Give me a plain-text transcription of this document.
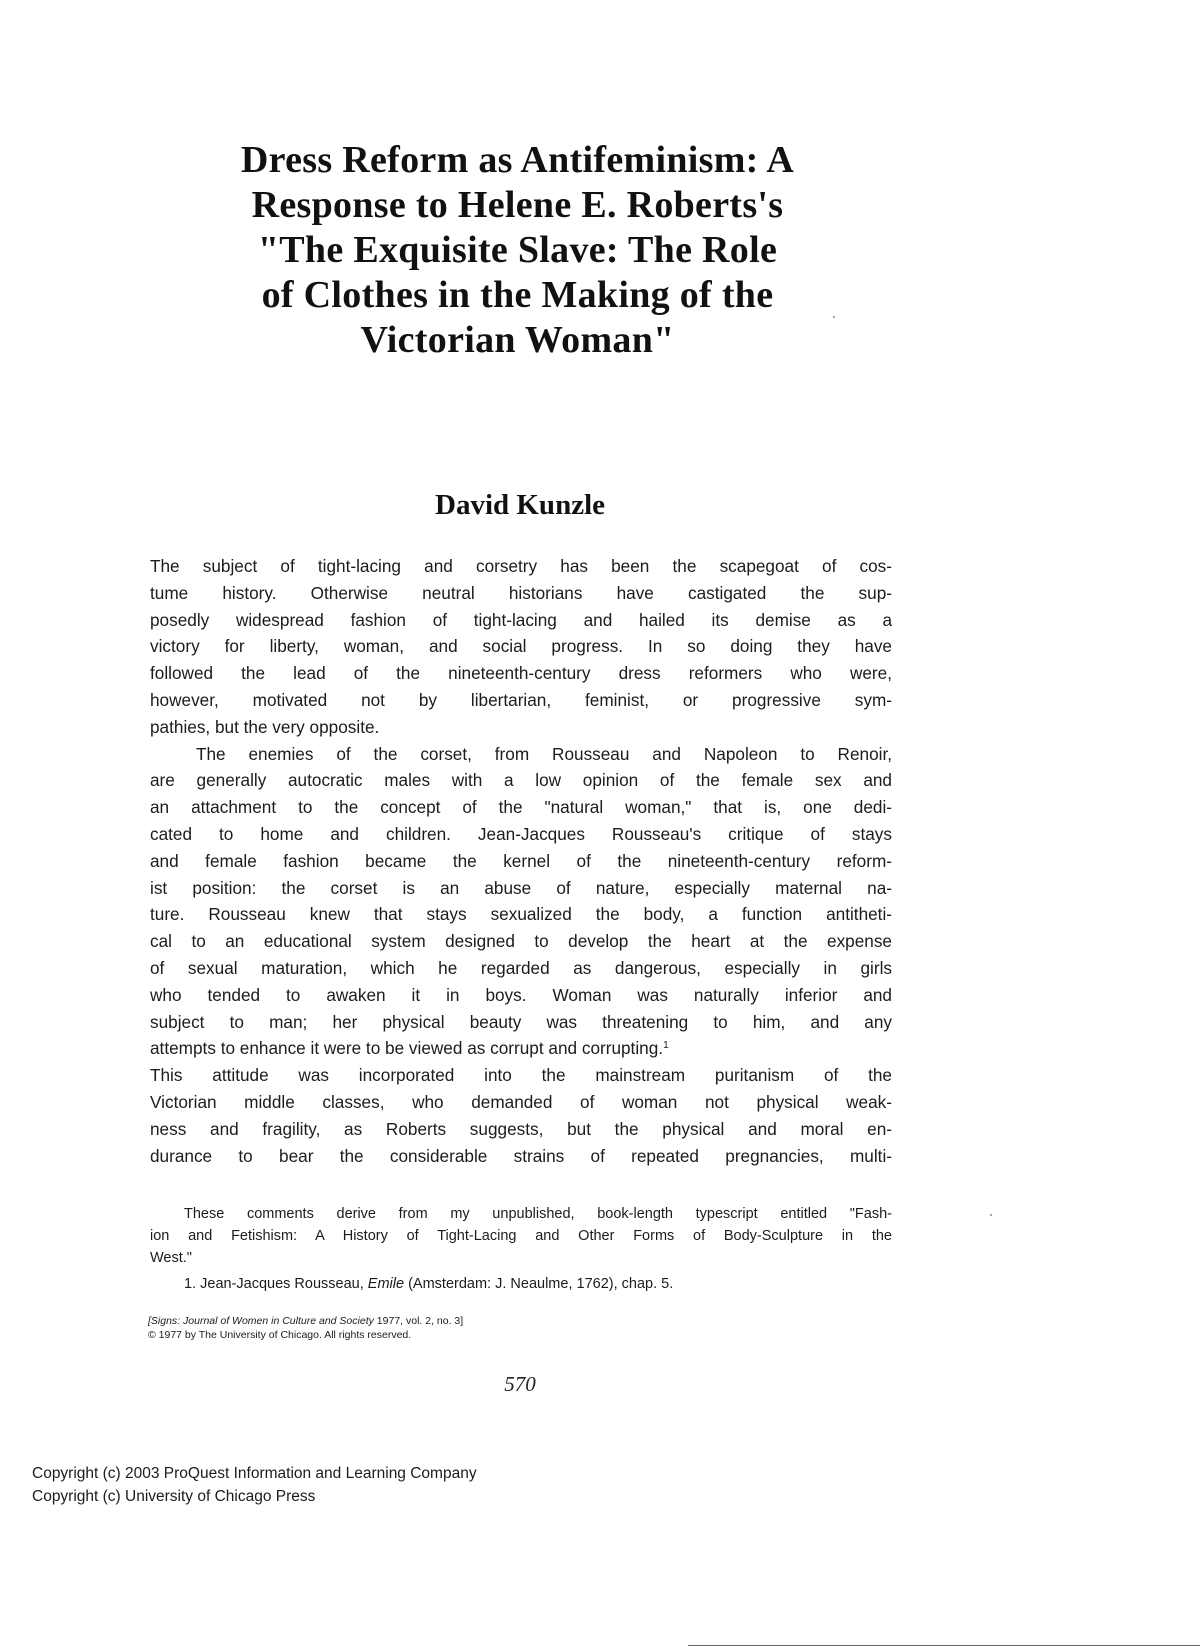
Dress Reform as Antifeminism: A
Response to Helene E. Roberts's
"The Exquisite Slave: The Role
of Clothes in the Making of the
Victorian Woman"
David Kunzle
The subject of tight-lacing and corsetry has been the scapegoat of cos-
tume history. Otherwise neutral historians have castigated the sup-
posedly widespread fashion of tight-lacing and hailed its demise as a
victory for liberty, woman, and social progress. In so doing they have
followed the lead of the nineteenth-century dress reformers who were,
however, motivated not by libertarian, feminist, or progressive sym-
pathies, but the very opposite.
The enemies of the corset, from Rousseau and Napoleon to Renoir,
are generally autocratic males with a low opinion of the female sex and
an attachment to the concept of the "natural woman," that is, one dedi-
cated to home and children. Jean-Jacques Rousseau's critique of stays
and female fashion became the kernel of the nineteenth-century reform-
ist position: the corset is an abuse of nature, especially maternal na-
ture. Rousseau knew that stays sexualized the body, a function antitheti-
cal to an educational system designed to develop the heart at the expense
of sexual maturation, which he regarded as dangerous, especially in girls
who tended to awaken it in boys. Woman was naturally inferior and
subject to man; her physical beauty was threatening to him, and any
attempts to enhance it were to be viewed as corrupt and corrupting.$^1$
This attitude was incorporated into the mainstream puritanism of the
Victorian middle classes, who demanded of woman not physical weak-
ness and fragility, as Roberts suggests, but the physical and moral en-
durance to bear the considerable strains of repeated pregnancies, multi-
These comments derive from my unpublished, book-length typescript entitled "Fash-
ion and Fetishism: A History of Tight-Lacing and Other Forms of Body-Sculpture in the
West."
1. Jean-Jacques Rousseau, Emile (Amsterdam: J. Neaulme, 1762), chap. 5.
[Signs: Journal of Women in Culture and Society 1977, vol. 2, no. 3]
© 1977 by The University of Chicago. All rights reserved.
570
Copyright (c) 2003 ProQuest Information and Learning Company
Copyright (c) University of Chicago Press
